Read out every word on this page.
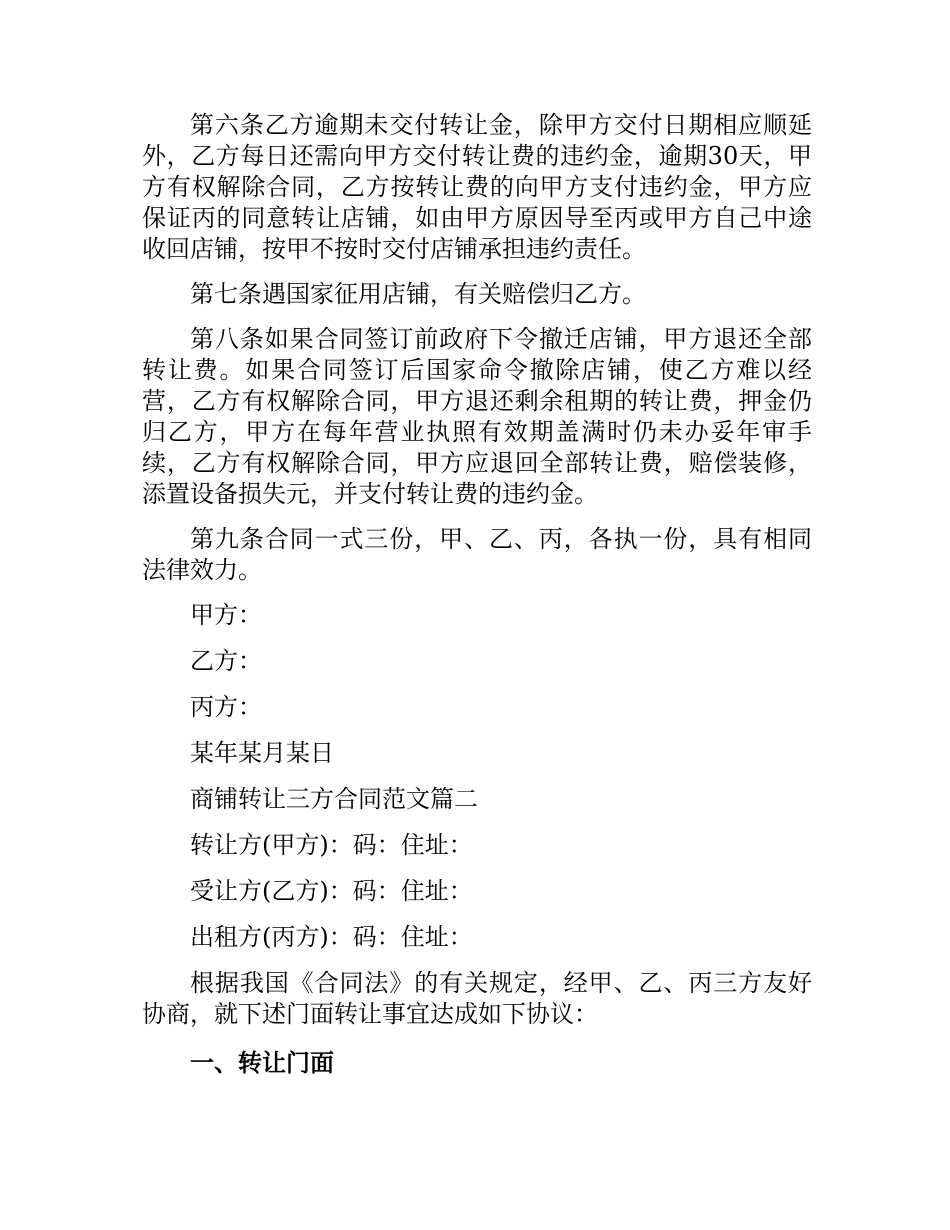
第六条乙方逾期未交付转让金，除甲方交付日期相应顺延外，乙方每日还需向甲方交付转让费的违约金，逾期30天，甲方有权解除合同，乙方按转让费的向甲方支付违约金，甲方应保证丙的同意转让店铺，如由甲方原因导至丙或甲方自己中途收回店铺，按甲不按时交付店铺承担违约责任。

第七条遇国家征用店铺，有关赔偿归乙方。

第八条如果合同签订前政府下令撤迁店铺，甲方退还全部转让费。如果合同签订后国家命令撤除店铺，使乙方难以经营，乙方有权解除合同，甲方退还剩余租期的转让费，押金仍归乙方，甲方在每年营业执照有效期盖满时仍未办妥年审手续，乙方有权解除合同，甲方应退回全部转让费，赔偿装修，添置设备损失元，并支付转让费的违约金。

第九条合同一式三份，甲、乙、丙，各执一份，具有相同法律效力。

甲方：

乙方：

丙方：

某年某月某日

商铺转让三方合同范文篇二

转让方(甲方)：码：住址：

受让方(乙方)：码：住址：

出租方(丙方)：码：住址：

根据我国《合同法》的有关规定，经甲、乙、丙三方友好协商，就下述门面转让事宜达成如下协议：

一、转让门面
